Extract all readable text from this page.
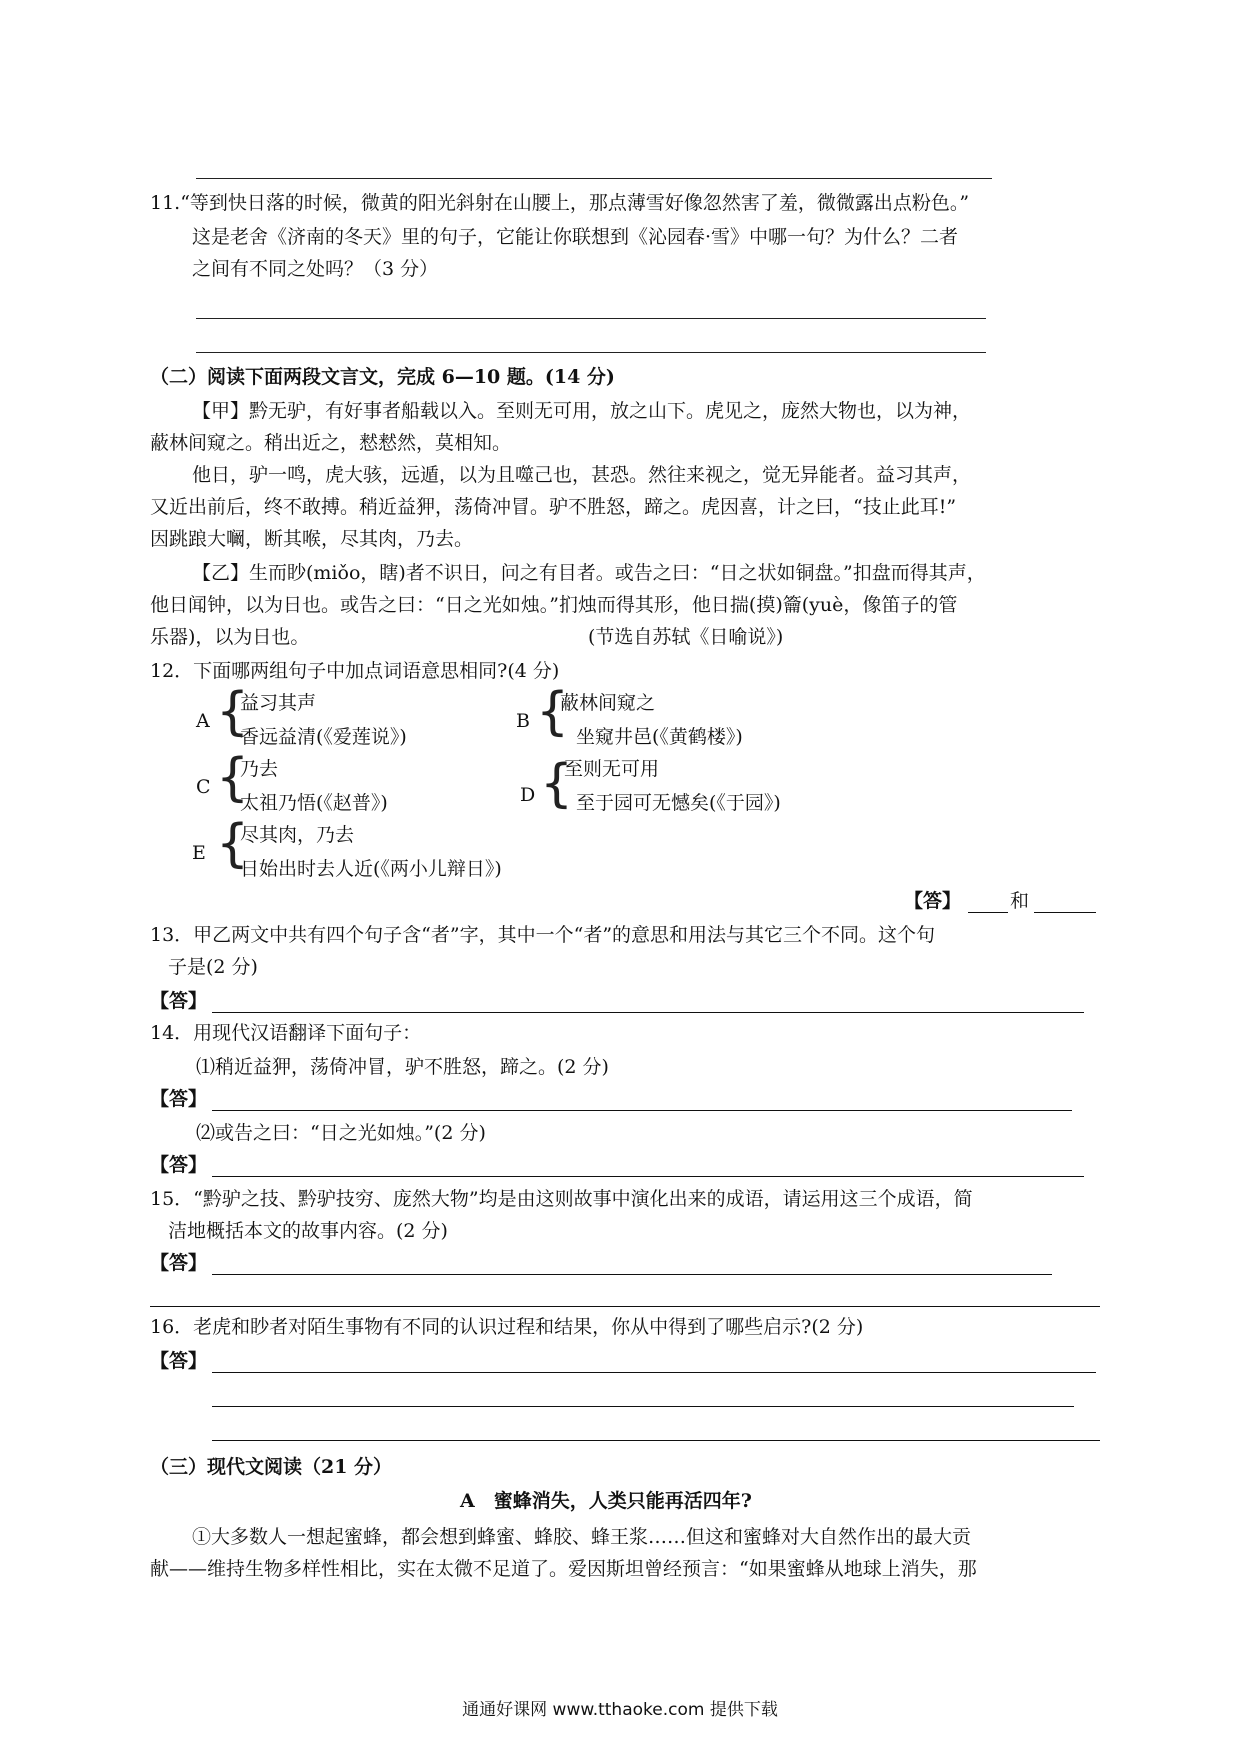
11.“等到快日落的时候，微黄的阳光斜射在山腰上，那点薄雪好像忽然害了羞，微微露出点粉色。”
这是老舍《济南的冬天》里的句子，它能让你联想到《沁园春·雪》中哪一句？为什么？二者
之间有不同之处吗？（3 分）
（二）阅读下面两段文言文，完成 6—10 题。(14 分)
【甲】黔无驴，有好事者船载以入。至则无可用，放之山下。虎见之，庞然大物也，以为神，
蔽林间窥之。稍出近之，慭慭然，莫相知。
他日，驴一鸣，虎大骇，远遁，以为且噬己也，甚恐。然往来视之，觉无异能者。益习其声，
又近出前后，终不敢搏。稍近益狎，荡倚冲冒。驴不胜怒，蹄之。虎因喜，计之曰，“技止此耳!”
因跳踉大㘎，断其喉，尽其肉，乃去。
【乙】生而眇(miǒo，瞎)者不识日，问之有目者。或告之曰：“日之状如铜盘。”扣盘而得其声，
他日闻钟，以为日也。或告之曰：“日之光如烛。”扪烛而得其形，他日揣(摸)籥(yuè，像笛子的管
乐器)，以为日也。	(节选自苏轼《日喻说》)
12．下面哪两组句子中加点词语意思相同?(4 分)
A {
益习其声
香远益清(《爱莲说》)
B {
蔽林间窥之
坐窥井邑(《黄鹤楼》)
C {
乃去
太祖乃悟(《赵普》)	D {
至则无可用
至于园可无憾矣(《于园》)
E {
尽其肉，乃去
日始出时去人近(《两小儿辩日》)
【答】	和
13．甲乙两文中共有四个句子含“者”字，其中一个“者”的意思和用法与其它三个不同。这个句
子是(2 分)
【答】
14．用现代汉语翻译下面句子：
⑴稍近益狎，荡倚冲冒，驴不胜怒，蹄之。(2 分)
【答】
⑵或告之曰：“日之光如烛。”(2 分)
【答】
15．“黔驴之技、黔驴技穷、庞然大物”均是由这则故事中演化出来的成语，请运用这三个成语，简
洁地概括本文的故事内容。(2 分)
【答】
16．老虎和眇者对陌生事物有不同的认识过程和结果，你从中得到了哪些启示?(2 分)
【答】
（三）现代文阅读（21 分）
A　蜜蜂消失，人类只能再活四年?
①大多数人一想起蜜蜂，都会想到蜂蜜、蜂胶、蜂王浆……但这和蜜蜂对大自然作出的最大贡
献——维持生物多样性相比，实在太微不足道了。爱因斯坦曾经预言：“如果蜜蜂从地球上消失，那
通通好课网 www.tthaoke.com 提供下载
